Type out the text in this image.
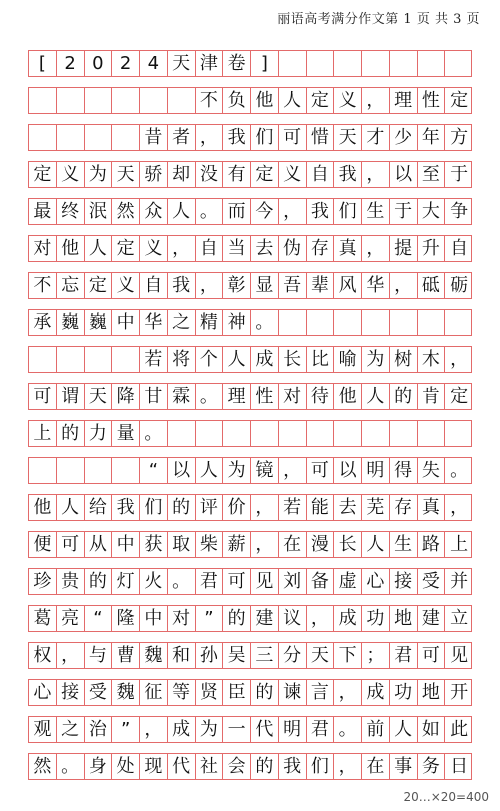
丽语高考满分作文第 1 页 共 3 页
[	2 0 2 4 天 津 卷 ]
不 负 他 人 定 义 ， 理 性 定
昔 者 ， 我 们 可 惜 天 才 少 年 方
定 义 为 天 骄 却 没 有 定 义 自 我 ， 以 至 于
最 终 泯 然 众 人 。 而 今 ， 我 们 生 于 大 争
对 他 人 定 义 ， 自 当 去 伪 存 真 ， 提 升 自
不 忘 定 义 自 我 ， 彰 显 吾 辈 风 华 ， 砥 砺
承 巍 巍 中 华 之 精 神 。
若 将 个 人 成 长 比 喻 为 树 木 ，
可 谓 天 降 甘 霖 。 理 性 对 待 他 人 的 肯 定
上 的 力 量 。
“ 以 人 为 镜 ， 可 以 明 得 失 。
他 人 给 我 们 的 评 价 ， 若 能 去 芜 存 真 ，
便 可 从 中 获 取 柴 薪 ， 在 漫 长 人 生 路 上
珍 贵 的 灯 火 。 君 可 见 刘 备 虚 心 接 受 并
葛 亮 “ 隆 中 对 ” 的 建 议 ， 成 功 地 建 立
权 ， 与 曹 魏 和 孙 吴 三 分 天 下 ； 君 可 见
心 接 受 魏 征 等 贤 臣 的 谏 言 ， 成 功 地 开
观 之 治 ” ， 成 为 一 代 明 君 。 前 人 如 此
然 。 身 处 现 代 社 会 的 我 们 ， 在 事 务 日
20…×20=400
